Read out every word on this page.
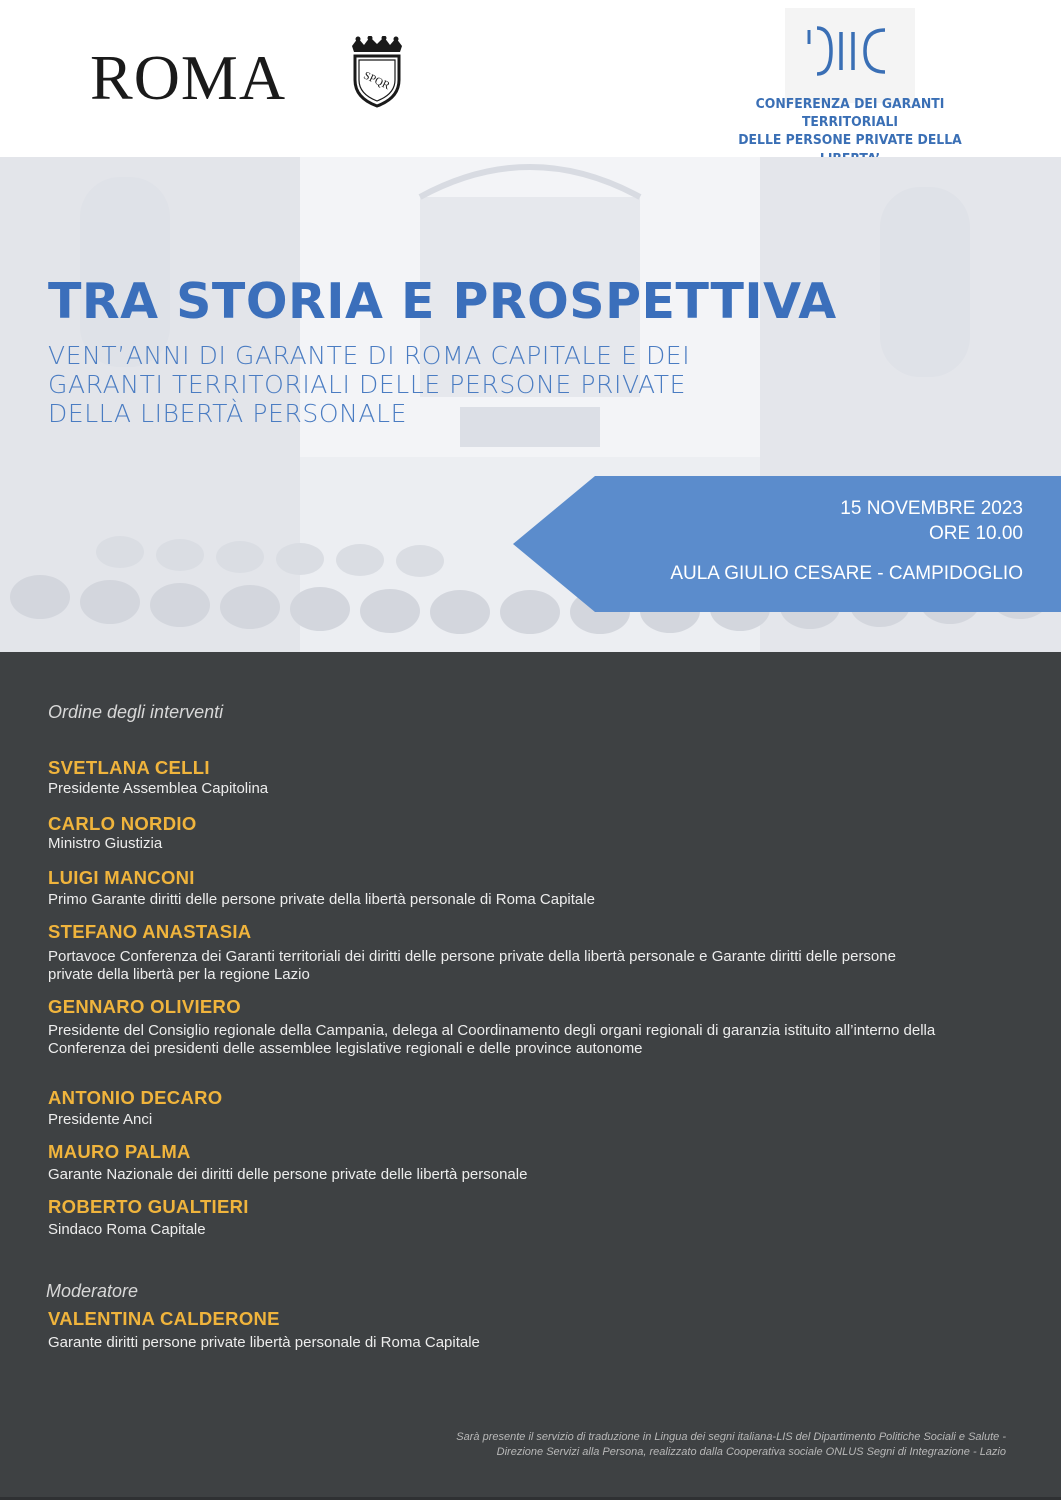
ROMA	SPQR
CONFERENZA DEI GARANTI TERRITORIALI
DELLE PERSONE PRIVATE DELLA
TRA STORIA E PROSPETTIVA
VENT’ANNI DI GARANTE DI ROMA CAPITALE E DEI
GARANTI TERRITORIALI DELLE PERSONE PRIVATE
DELLA LIBERTÀ PERSONALE
15 NOVEMBRE 2023
ORE 10.00
AULA GIULIO CESARE - CAMPIDOGLIO
Ordine degli interventi
SVETLANA CELLI
Presidente Assemblea Capitolina
CARLO NORDIO
Ministro Giustizia
LUIGI MANCONI
Primo Garante diritti delle persone private della libertà personale di Roma Capitale
STEFANO ANASTASIA
Portavoce Conferenza dei Garanti territoriali dei diritti delle persone private della libertà personale e Garante diritti delle persone private della libertà per la regione Lazio
GENNARO OLIVIERO
Presidente del Consiglio regionale della Campania, delega al Coordinamento degli organi regionali di garanzia istituito all’interno della Conferenza dei presidenti delle assemblee legislative regionali e delle province autonome
ANTONIO DECARO
Presidente Anci
MAURO PALMA
Garante Nazionale dei diritti delle persone private delle libertà personale
ROBERTO GUALTIERI
Sindaco Roma Capitale
Moderatore
VALENTINA CALDERONE
Garante diritti persone private libertà personale di Roma Capitale
Sarà presente il servizio di traduzione in Lingua dei segni italiana-LIS del Dipartimento Politiche Sociali e Salute -
Direzione Servizi alla Persona, realizzato dalla Cooperativa sociale ONLUS Segni di Integrazione - Lazio
